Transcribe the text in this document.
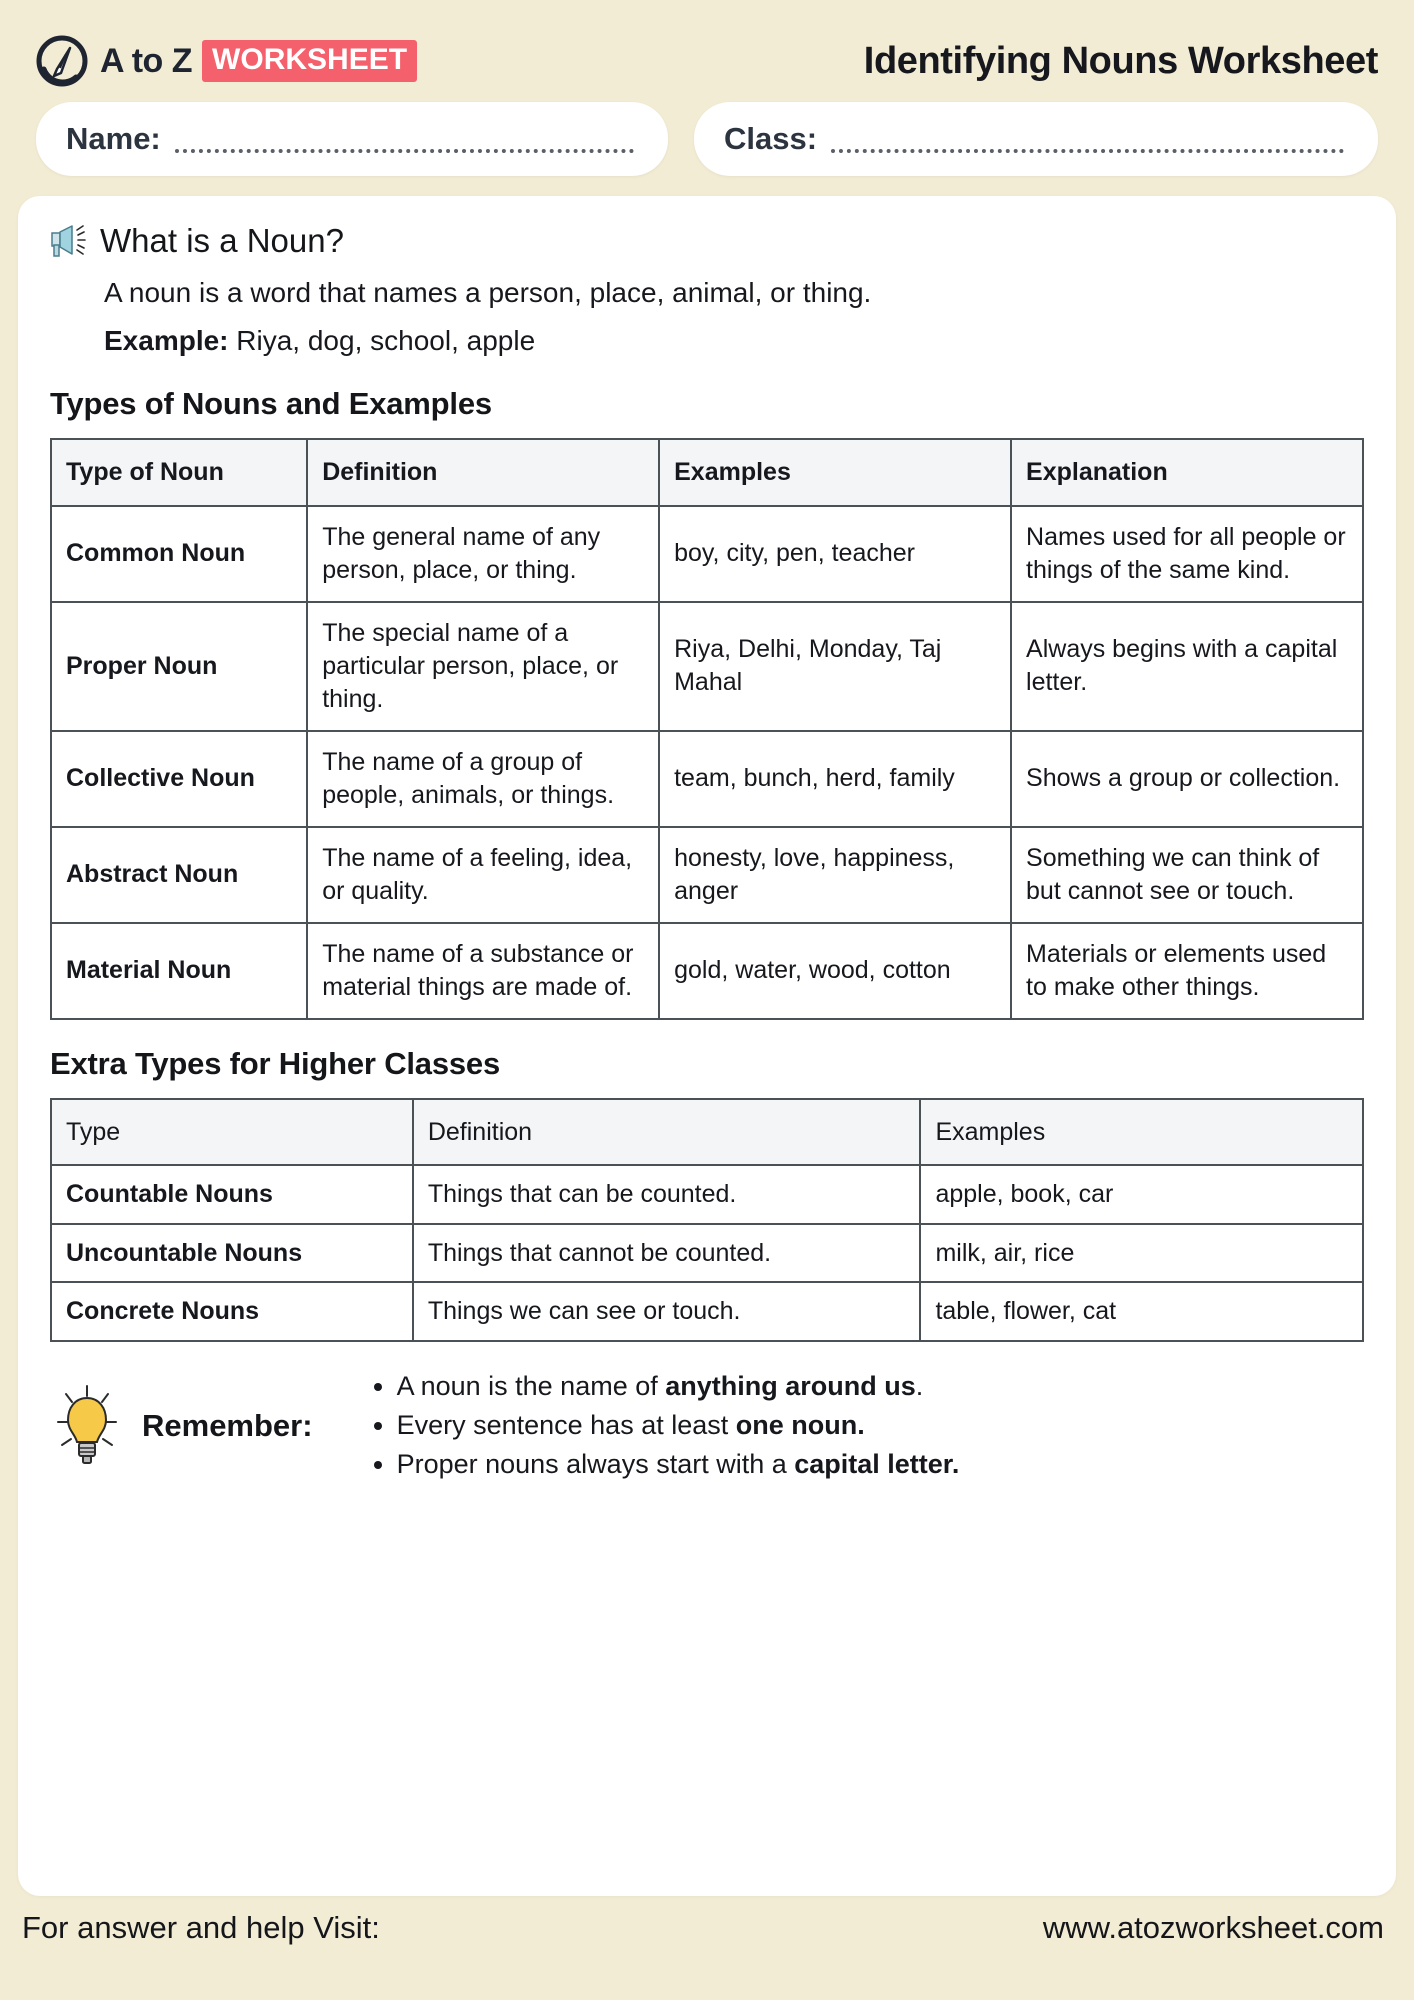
A to Z WORKSHEET	Identifying Nouns Worksheet
Name:	Class:
What is a Noun?

A noun is a word that names a person, place, animal, or thing.

Example: Riya, dog, school, apple

Types of Nouns and Examples
Type of Noun	Definition	Examples	Explanation
Common Noun	The general name of any person, place, or thing.	boy, city, pen, teacher	Names used for all people or things of the same kind.
Proper Noun	The special name of a particular person, place, or thing.	Riya, Delhi, Monday, Taj Mahal	Always begins with a capital letter.
Collective Noun	The name of a group of people, animals, or things.	team, bunch, herd, family	Shows a group or collection.
Abstract Noun	The name of a feeling, idea, or quality.	honesty, love, happiness, anger	Something we can think of but cannot see or touch.
Material Noun	The name of a substance or material things are made of.	gold, water, wood, cotton	Materials or elements used to make other things.
Extra Types for Higher Classes
Type	Definition	Examples
Countable Nouns	Things that can be counted.	apple, book, car
Uncountable Nouns	Things that cannot be counted.	milk, air, rice
Concrete Nouns	Things we can see or touch.	table, flower, cat
Remember:
• A noun is the name of anything around us.
• Every sentence has at least one noun.
• Proper nouns always start with a capital letter.
For answer and help Visit:	www.atozworksheet.com
